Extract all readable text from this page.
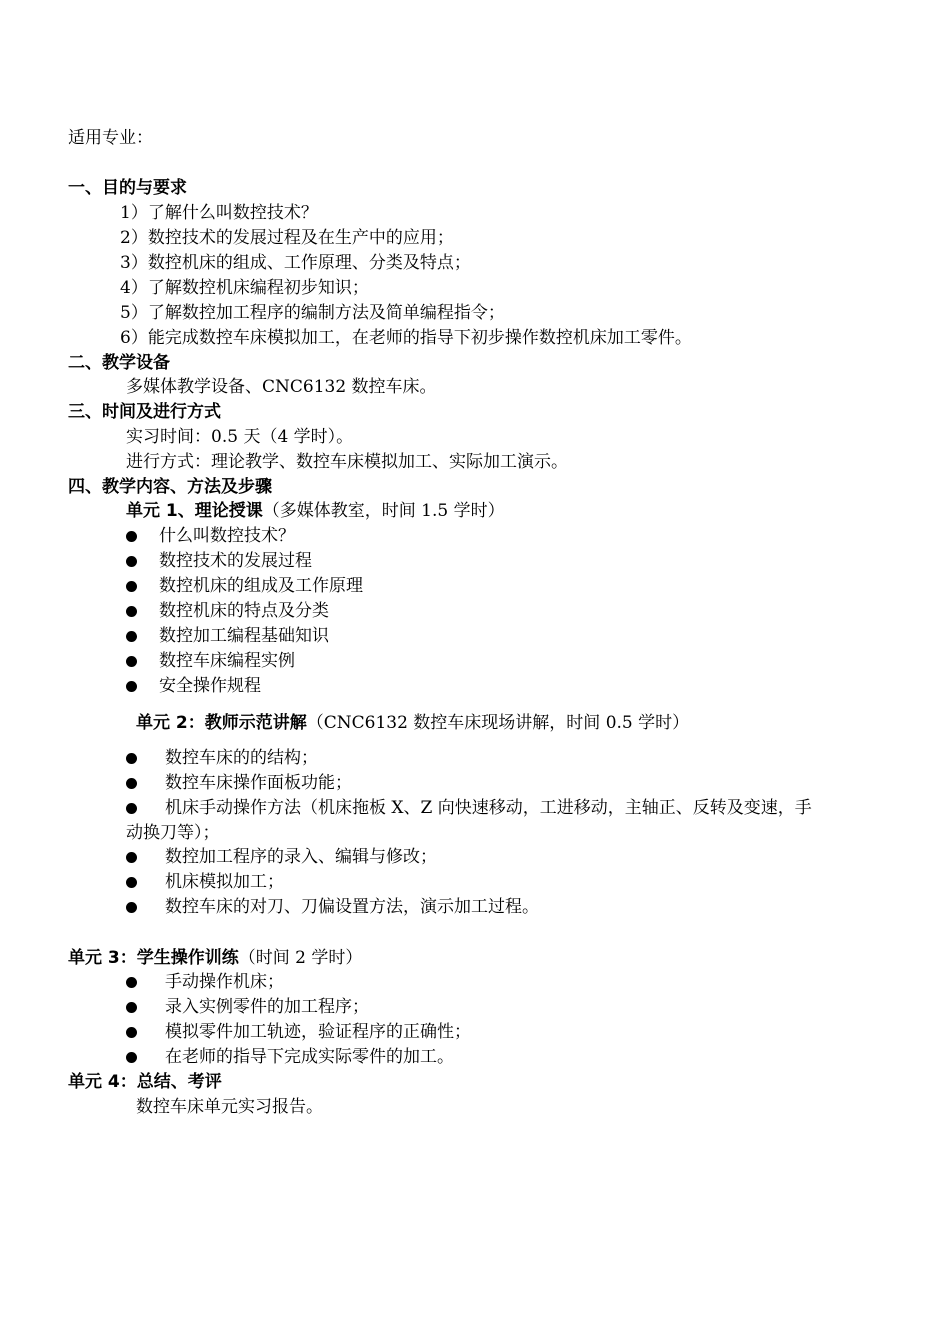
适用专业：
一、目的与要求
1）了解什么叫数控技术？
2）数控技术的发展过程及在生产中的应用；
3）数控机床的组成、工作原理、分类及特点；
4）了解数控机床编程初步知识；
5）了解数控加工程序的编制方法及简单编程指令；
6）能完成数控车床模拟加工，在老师的指导下初步操作数控机床加工零件。
二、教学设备
多媒体教学设备、CNC6132 数控车床。
三、时间及进行方式
实习时间：0.5 天（4 学时）。
进行方式：理论教学、数控车床模拟加工、实际加工演示。
四、教学内容、方法及步骤
单元 1、理论授课（多媒体教室，时间 1.5 学时）
什么叫数控技术？
数控技术的发展过程
数控机床的组成及工作原理
数控机床的特点及分类
数控加工编程基础知识
数控车床编程实例
安全操作规程
单元 2：教师示范讲解（CNC6132 数控车床现场讲解，时间 0.5 学时）
数控车床的的结构；
数控车床操作面板功能；
机床手动操作方法（机床拖板 X、Z 向快速移动，工进移动，主轴正、反转及变速，手
动换刀等）；
数控加工程序的录入、编辑与修改；
机床模拟加工；
数控车床的对刀、刀偏设置方法，演示加工过程。
单元 3：学生操作训练（时间 2 学时）
手动操作机床；
录入实例零件的加工程序；
模拟零件加工轨迹，验证程序的正确性；
在老师的指导下完成实际零件的加工。
单元 4：总结、考评
数控车床单元实习报告。
